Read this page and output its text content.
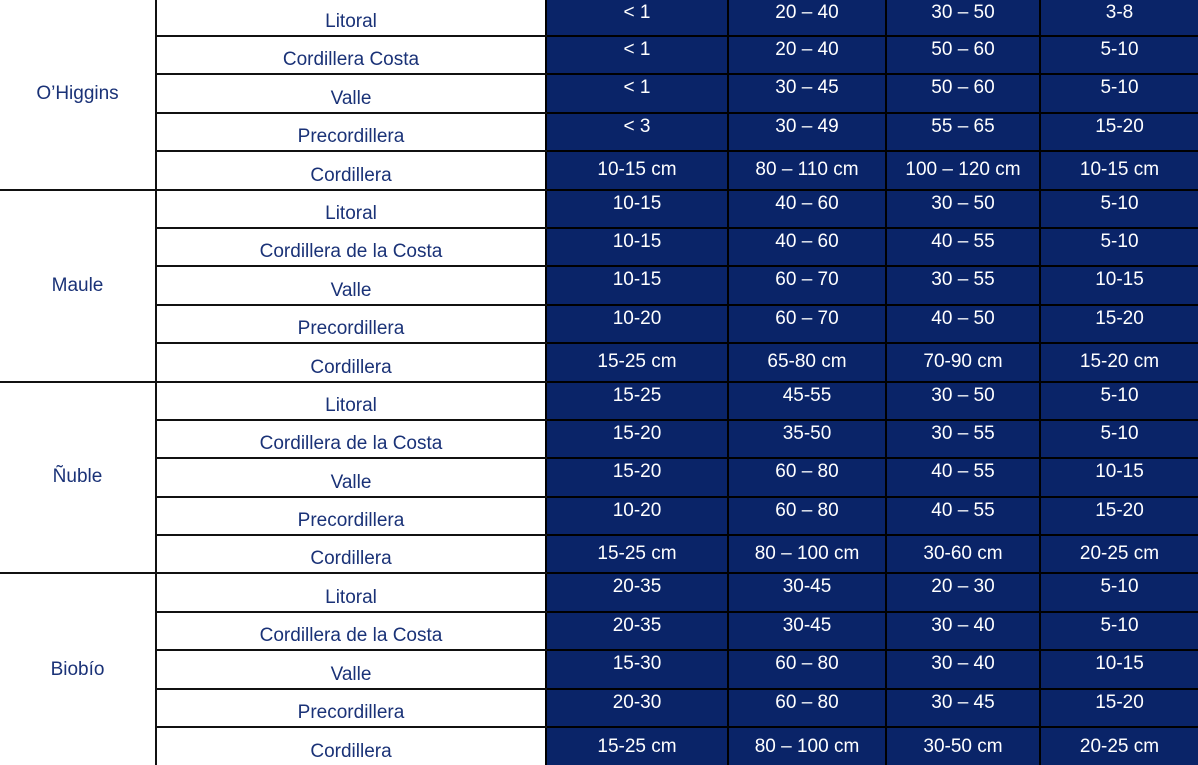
O’Higgins	Litoral	< 1	20 – 40	30 – 50	3-8
	Cordillera Costa	< 1	20 – 40	50 – 60	5-10
	Valle	< 1	30 – 45	50 – 60	5-10
	Precordillera	< 3	30 – 49	55 – 65	15-20
	Cordillera	10-15 cm	80 – 110 cm	100 – 120 cm	10-15 cm
Maule	Litoral	10-15	40 – 60	30 – 50	5-10
	Cordillera de la Costa	10-15	40 – 60	40 – 55	5-10
	Valle	10-15	60 – 70	30 – 55	10-15
	Precordillera	10-20	60 – 70	40 – 50	15-20
	Cordillera	15-25 cm	65-80 cm	70-90 cm	15-20 cm
Ñuble	Litoral	15-25	45-55	30 – 50	5-10
	Cordillera de la Costa	15-20	35-50	30 – 55	5-10
	Valle	15-20	60 – 80	40 – 55	10-15
	Precordillera	10-20	60 – 80	40 – 55	15-20
	Cordillera	15-25 cm	80 – 100 cm	30-60 cm	20-25 cm
Biobío	Litoral	20-35	30-45	20 – 30	5-10
	Cordillera de la Costa	20-35	30-45	30 – 40	5-10
	Valle	15-30	60 – 80	30 – 40	10-15
	Precordillera	20-30	60 – 80	30 – 45	15-20
	Cordillera	15-25 cm	80 – 100 cm	30-50 cm	20-25 cm
